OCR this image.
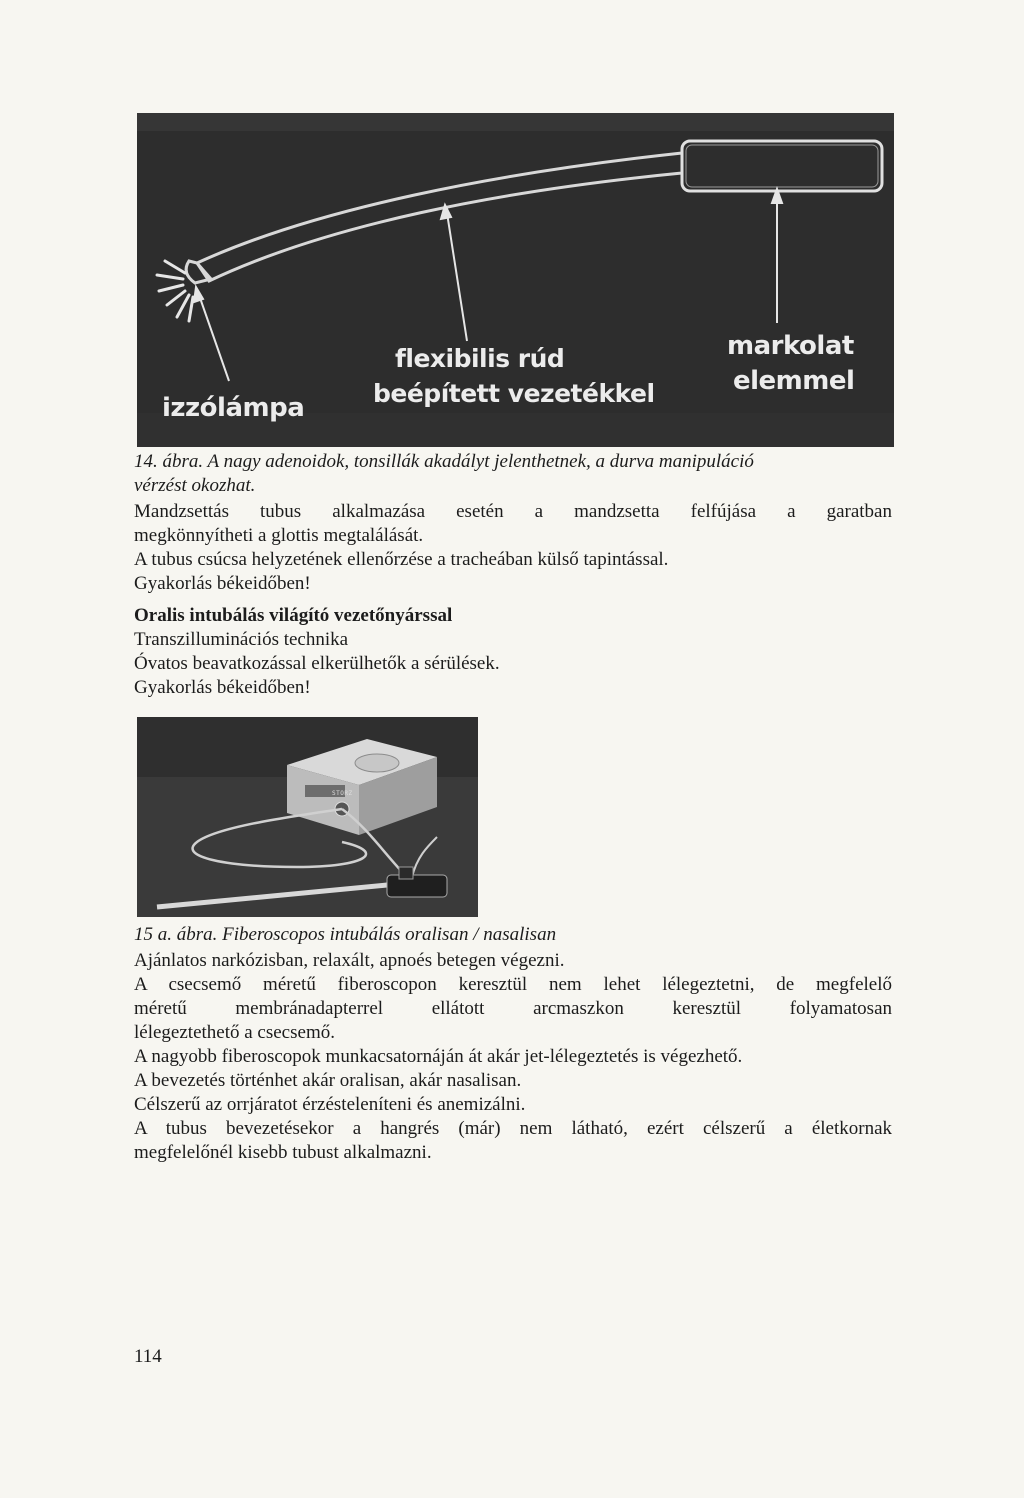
flexibilis rúd
beépített vezetékkel
izzólámpa
markolat
elemmel
14. ábra. A nagy adenoidok, tonsillák akadályt jelenthetnek, a durva manipuláció
vérzést okozhat.
Mandzsettás tubus alkalmazása esetén a mandzsetta felfújása a garatban
megkönnyítheti a glottis megtalálását.
A tubus csúcsa helyzetének ellenőrzése a tracheában külső tapintással.
Gyakorlás békeidőben!
Oralis intubálás világító vezetőnyárssal
Transzilluminációs technika
Óvatos beavatkozással elkerülhetők a sérülések.
Gyakorlás békeidőben!
STORZ
15 a. ábra. Fiberoscopos intubálás oralisan / nasalisan
Ajánlatos narkózisban, relaxált, apnoés betegen végezni.
A csecsemő méretű fiberoscopon keresztül nem lehet lélegeztetni, de megfelelő
méretű membránadapterrel ellátott arcmaszkon keresztül folyamatosan
lélegeztethető a csecsemő.
A nagyobb fiberoscopok munkacsatornáján át akár jet-lélegeztetés is végezhető.
A bevezetés történhet akár oralisan, akár nasalisan.
Célszerű az orrjáratot érzésteleníteni és anemizálni.
A tubus bevezetésekor a hangrés (már) nem látható, ezért célszerű a életkornak
megfelelőnél kisebb tubust alkalmazni.
114
